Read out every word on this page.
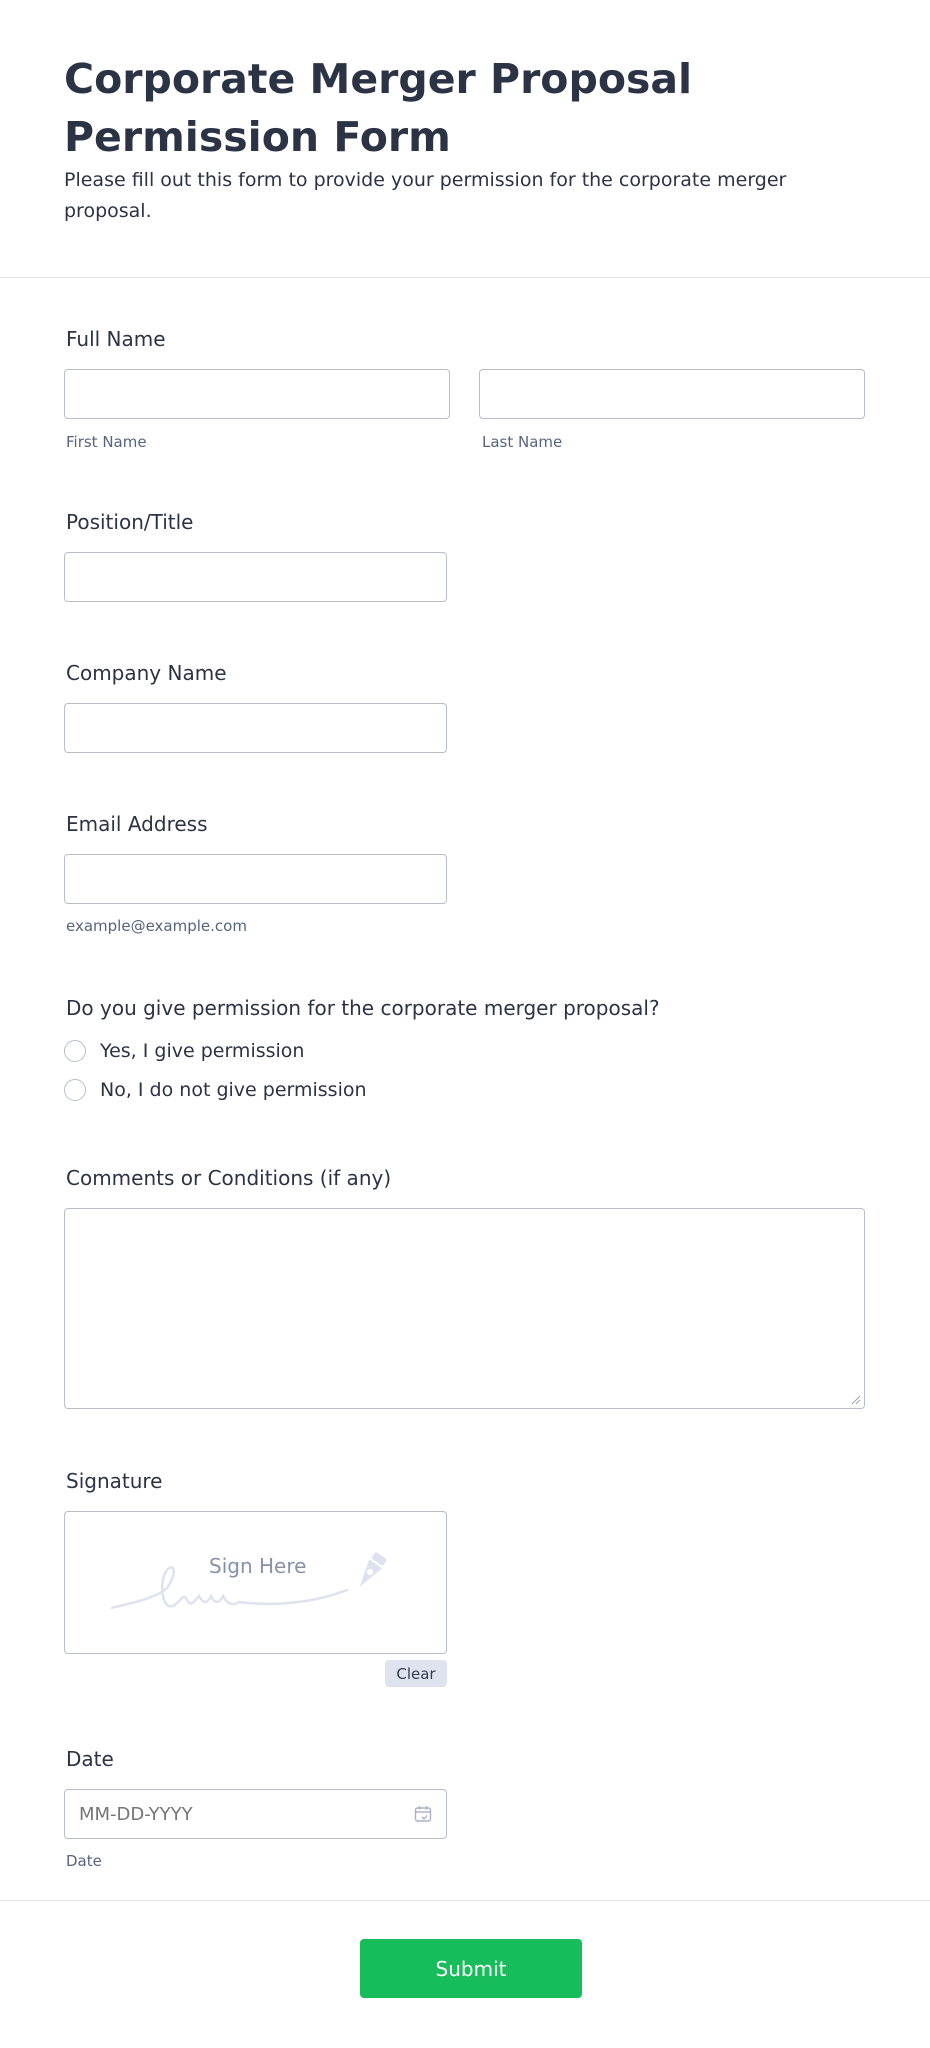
Corporate Merger Proposal Permission Form

Please fill out this form to provide your permission for the corporate merger proposal.

Full Name
First Name	Last Name
Position/Title
Company Name
Email Address
example@example.com
Do you give permission for the corporate merger proposal?
Yes, I give permission
No, I do not give permission
Comments or Conditions (if any)
Signature
Sign Here
Clear
Date
MM-DD-YYYY
Date
Submit
